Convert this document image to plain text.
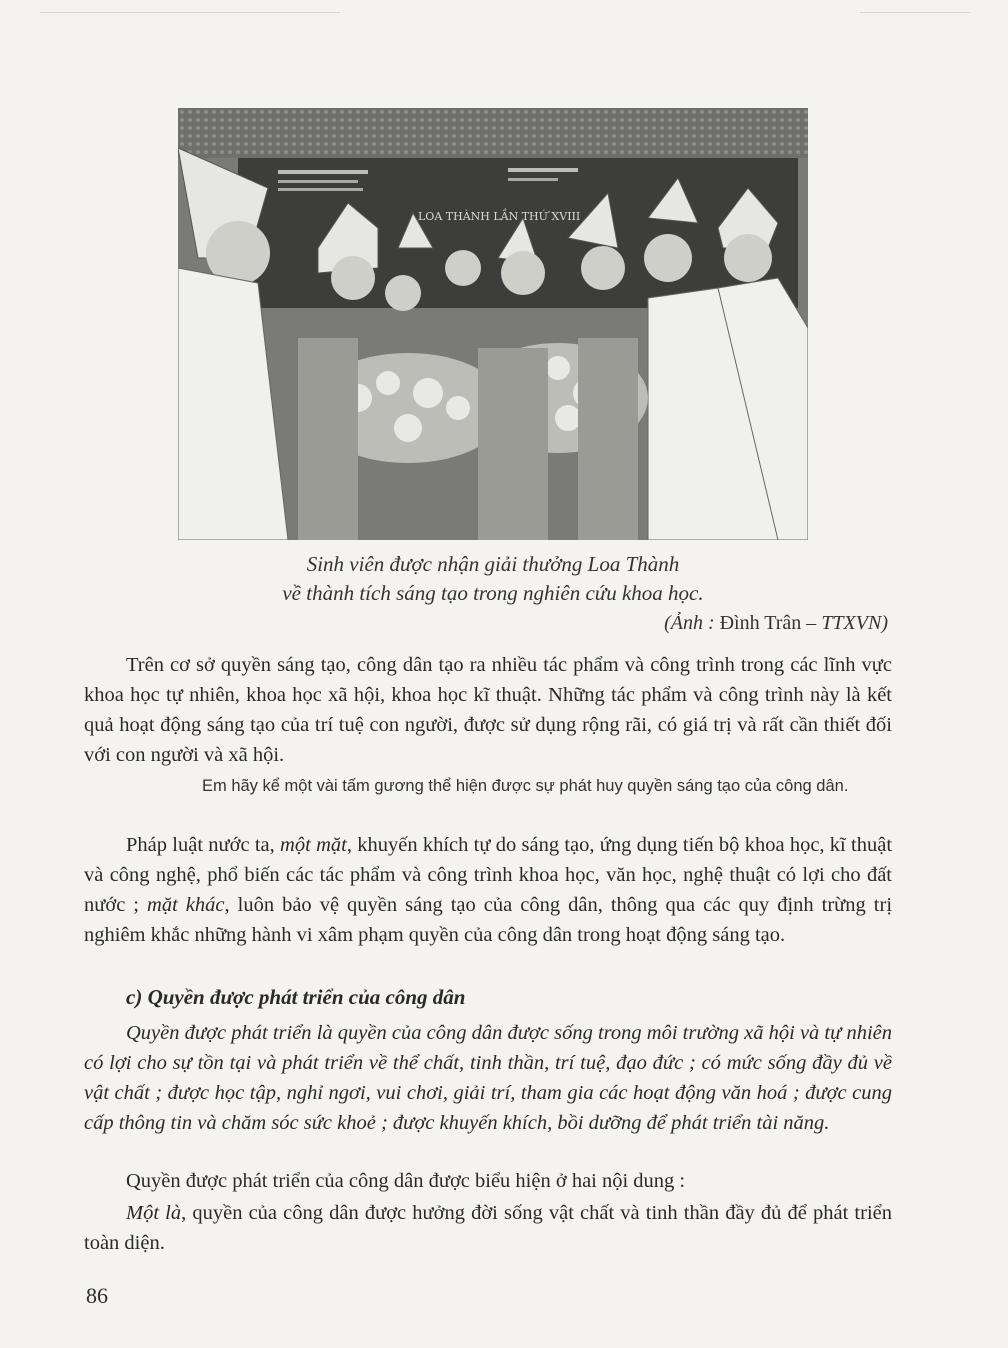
LOA THÀNH LẦN THỨ XVIII
Sinh viên được nhận giải thưởng Loa Thành
về thành tích sáng tạo trong nghiên cứu khoa học.
(Ảnh : Đình Trân – TTXVN)

Trên cơ sở quyền sáng tạo, công dân tạo ra nhiều tác phẩm và công trình trong các lĩnh vực khoa học tự nhiên, khoa học xã hội, khoa học kĩ thuật. Những tác phẩm và công trình này là kết quả hoạt động sáng tạo của trí tuệ con người, được sử dụng rộng rãi, có giá trị và rất cần thiết đối với con người và xã hội.

Em hãy kể một vài tấm gương thể hiện được sự phát huy quyền sáng tạo của công dân.

Pháp luật nước ta, một mặt, khuyến khích tự do sáng tạo, ứng dụng tiến bộ khoa học, kĩ thuật và công nghệ, phổ biến các tác phẩm và công trình khoa học, văn học, nghệ thuật có lợi cho đất nước ; mặt khác, luôn bảo vệ quyền sáng tạo của công dân, thông qua các quy định trừng trị nghiêm khắc những hành vi xâm phạm quyền của công dân trong hoạt động sáng tạo.

c) Quyền được phát triển của công dân

Quyền được phát triển là quyền của công dân được sống trong môi trường xã hội và tự nhiên có lợi cho sự tồn tại và phát triển về thể chất, tinh thần, trí tuệ, đạo đức ; có mức sống đầy đủ về vật chất ; được học tập, nghỉ ngơi, vui chơi, giải trí, tham gia các hoạt động văn hoá ; được cung cấp thông tin và chăm sóc sức khoẻ ; được khuyến khích, bồi dưỡng để phát triển tài năng.

Quyền được phát triển của công dân được biểu hiện ở hai nội dung :

Một là, quyền của công dân được hưởng đời sống vật chất và tinh thần đầy đủ để phát triển toàn diện.

86
